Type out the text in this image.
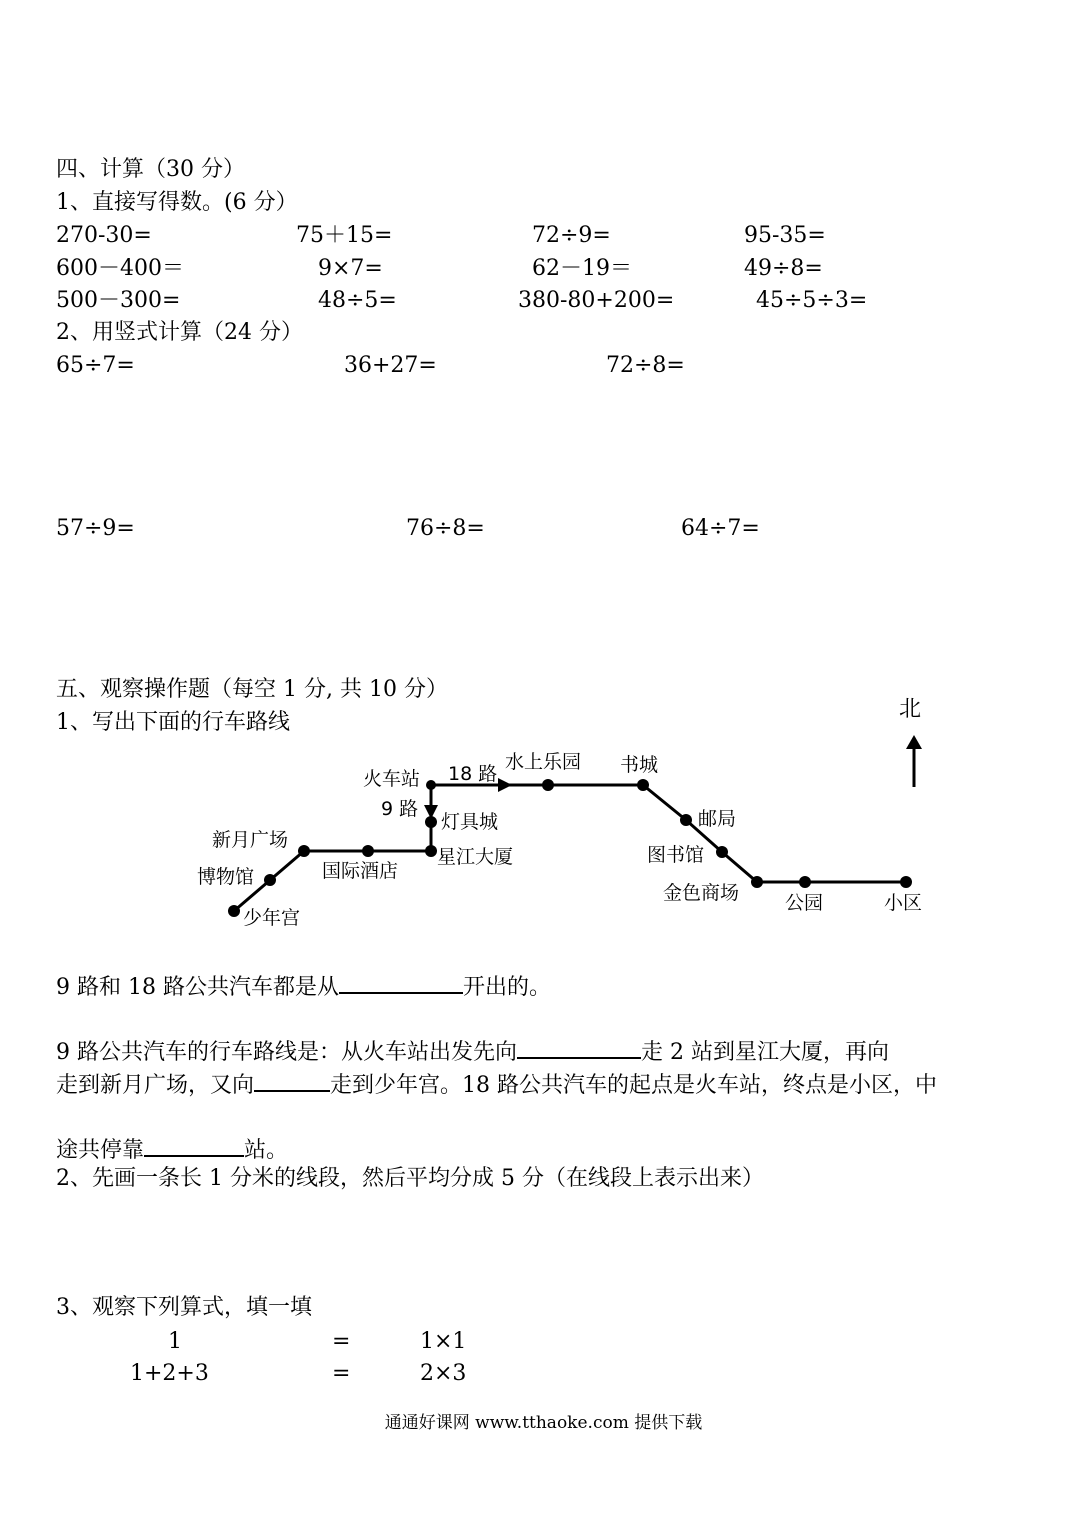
四、计算（30 分）
1、直接写得数。(6 分）
270-30=	75＋15=	72÷9=	95-35=
600－400＝	9×7=	62－19＝	49÷8=
500－300=	48÷5=	380-80+200=	45÷5÷3=
2、用竖式计算（24 分）
65÷7=	36+27=	72÷8=
57÷9=	76÷8=	64÷7=
五、观察操作题（每空 1 分, 共 10 分）
1、写出下面的行车路线
北
18 路
9 路
火车站
水上乐园 书城
邮局
灯具城
新月广场
博物馆	国际酒店
星江大厦	图书馆
金色商场 公园	小区
少年宫
9 路和 18 路公共汽车都是从	开出的。
9 路公共汽车的行车路线是：从火车站出发先向	走 2 站到星江大厦，再向
走到新月广场，又向	走到少年宫。18 路公共汽车的起点是火车站，终点是小区，中
途共停靠	站。
2、先画一条长 1 分米的线段，然后平均分成 5 分（在线段上表示出来）
3、观察下列算式，填一填
1	=	1×1
1+2+3	=	2×3
通通好课网 www.tthaoke.com 提供下载
